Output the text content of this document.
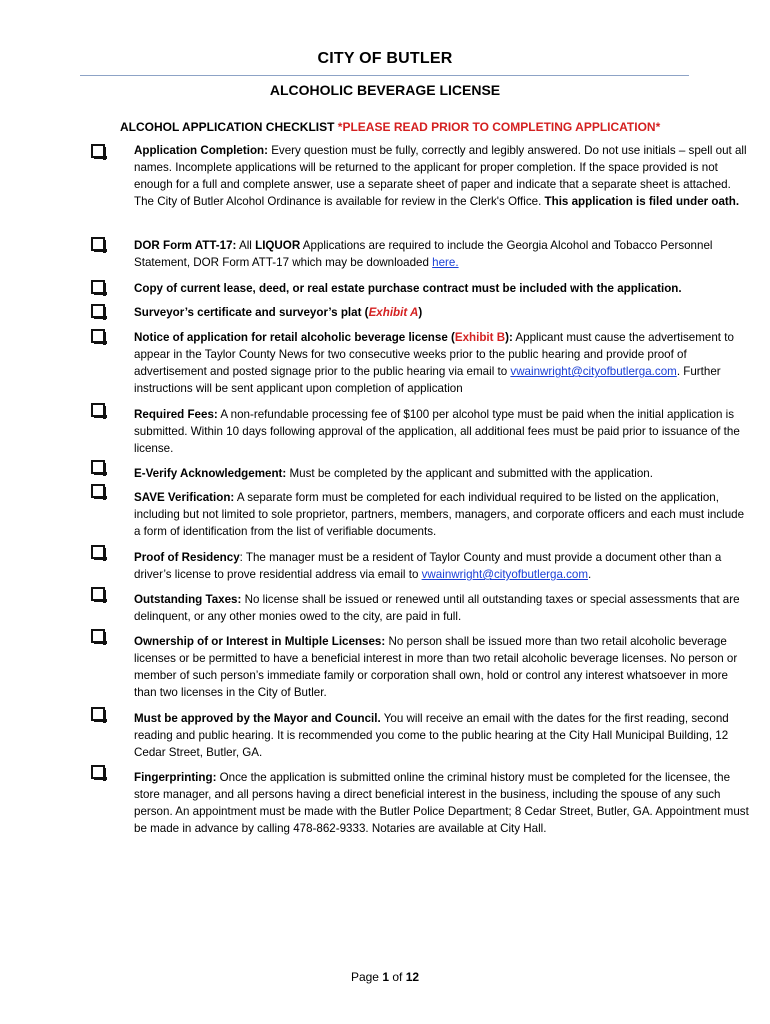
CITY OF BUTLER
ALCOHOLIC BEVERAGE LICENSE
ALCOHOL APPLICATION CHECKLIST *PLEASE READ PRIOR TO COMPLETING APPLICATION*
Application Completion: Every question must be fully, correctly and legibly answered. Do not use initials – spell out all names. Incomplete applications will be returned to the applicant for proper completion. If the space provided is not enough for a full and complete answer, use a separate sheet of paper and indicate that a separate sheet is attached. The City of Butler Alcohol Ordinance is available for review in the Clerk's Office. This application is filed under oath.
DOR Form ATT-17: All LIQUOR Applications are required to include the Georgia Alcohol and Tobacco Personnel Statement, DOR Form ATT-17 which may be downloaded here.
Copy of current lease, deed, or real estate purchase contract must be included with the application.
Surveyor’s certificate and surveyor’s plat (Exhibit A)
Notice of application for retail alcoholic beverage license (Exhibit B): Applicant must cause the advertisement to appear in the Taylor County News for two consecutive weeks prior to the public hearing and provide proof of advertisement and posted signage prior to the public hearing via email to vwainwright@cityofbutlerga.com. Further instructions will be sent applicant upon completion of application
Required Fees: A non-refundable processing fee of $100 per alcohol type must be paid when the initial application is submitted. Within 10 days following approval of the application, all additional fees must be paid prior to issuance of the license.
E-Verify Acknowledgement: Must be completed by the applicant and submitted with the application.
SAVE Verification: A separate form must be completed for each individual required to be listed on the application, including but not limited to sole proprietor, partners, members, managers, and corporate officers and each must include a form of identification from the list of verifiable documents.
Proof of Residency: The manager must be a resident of Taylor County and must provide a document other than a driver’s license to prove residential address via email to vwainwright@cityofbutlerga.com.
Outstanding Taxes: No license shall be issued or renewed until all outstanding taxes or special assessments that are delinquent, or any other monies owed to the city, are paid in full.
Ownership of or Interest in Multiple Licenses: No person shall be issued more than two retail alcoholic beverage licenses or be permitted to have a beneficial interest in more than two retail alcoholic beverage licenses. No person or member of such person’s immediate family or corporation shall own, hold or control any interest whatsoever in more than two licenses in the City of Butler.
Must be approved by the Mayor and Council. You will receive an email with the dates for the first reading, second reading and public hearing. It is recommended you come to the public hearing at the City Hall Municipal Building, 12 Cedar Street, Butler, GA.
Fingerprinting: Once the application is submitted online the criminal history must be completed for the licensee, the store manager, and all persons having a direct beneficial interest in the business, including the spouse of any such person. An appointment must be made with the Butler Police Department; 8 Cedar Street, Butler, GA. Appointment must be made in advance by calling 478-862-9333. Notaries are available at City Hall.
Page 1 of 12
